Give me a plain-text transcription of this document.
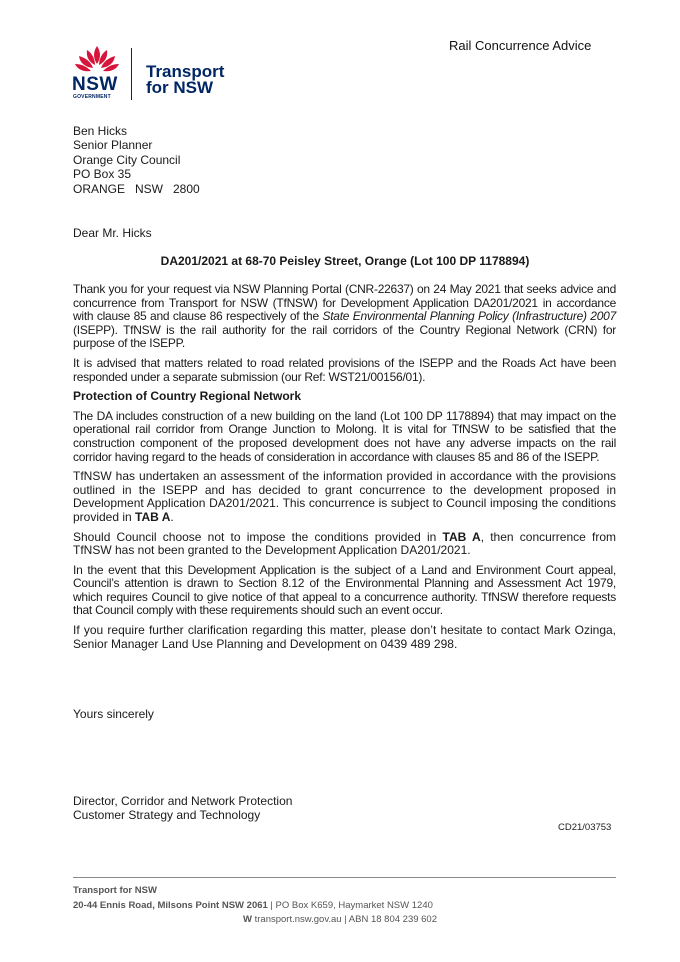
Rail Concurrence Advice
NSW
GOVERNMENT
Transport
for NSW
Ben Hicks
Senior Planner
Orange City Council
PO Box 35
ORANGE   NSW   2800
Dear Mr. Hicks
DA201/2021 at 68-70 Peisley Street, Orange (Lot 100 DP 1178894)

Thank you for your request via NSW Planning Portal (CNR-22637) on 24 May 2021 that seeks advice and concurrence from Transport for NSW (TfNSW) for Development Application DA201/2021 in accordance with clause 85 and clause 86 respectively of the State Environmental Planning Policy (Infrastructure) 2007 (ISEPP). TfNSW is the rail authority for the rail corridors of the Country Regional Network (CRN) for purpose of the ISEPP.

It is advised that matters related to road related provisions of the ISEPP and the Roads Act have been responded under a separate submission (our Ref: WST21/00156/01).

Protection of Country Regional Network

The DA includes construction of a new building on the land (Lot 100 DP 1178894) that may impact on the operational rail corridor from Orange Junction to Molong. It is vital for TfNSW to be satisfied that the construction component of the proposed development does not have any adverse impacts on the rail corridor having regard to the heads of consideration in accordance with clauses 85 and 86 of the ISEPP.

TfNSW has undertaken an assessment of the information provided in accordance with the provisions outlined in the ISEPP and has decided to grant concurrence to the development proposed in Development Application DA201/2021. This concurrence is subject to Council imposing the conditions provided in TAB A.

Should Council choose not to impose the conditions provided in TAB A, then concurrence from TfNSW has not been granted to the Development Application DA201/2021.

In the event that this Development Application is the subject of a Land and Environment Court appeal, Council’s attention is drawn to Section 8.12 of the Environmental Planning and Assessment Act 1979, which requires Council to give notice of that appeal to a concurrence authority. TfNSW therefore requests that Council comply with these requirements should such an event occur.

If you require further clarification regarding this matter, please don’t hesitate to contact Mark Ozinga, Senior Manager Land Use Planning and Development on 0439 489 298.

Yours sincerely
Director, Corridor and Network Protection
Customer Strategy and Technology
CD21/03753
Transport for NSW
20-44 Ennis Road, Milsons Point NSW 2061 | PO Box K659, Haymarket NSW 1240
W transport.nsw.gov.au | ABN 18 804 239 602
